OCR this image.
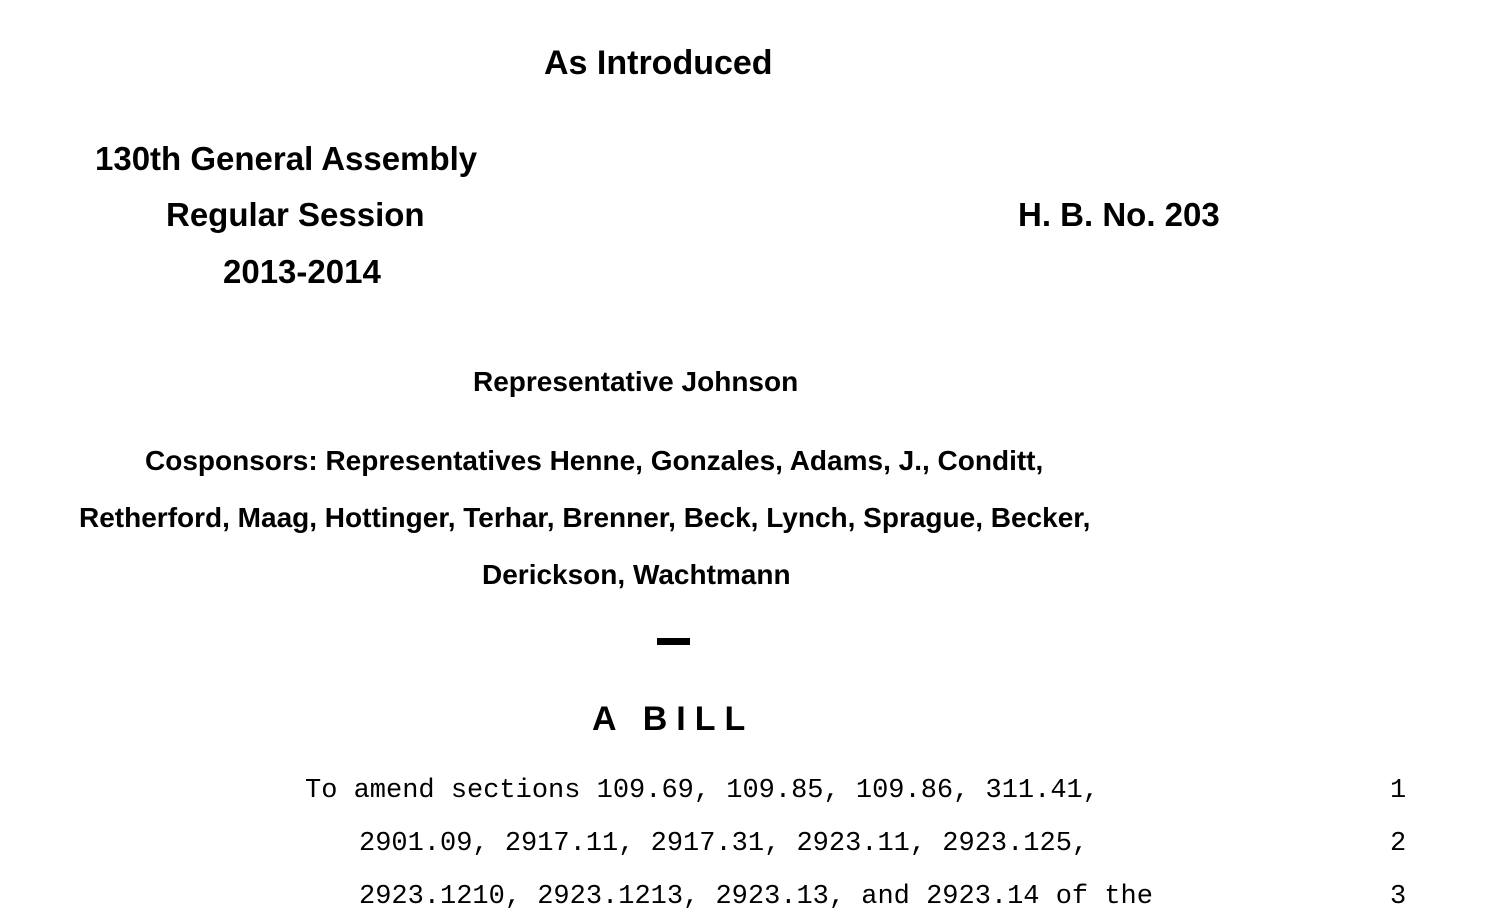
As Introduced
130th General Assembly
Regular Session
2013-2014
H. B. No. 203
Representative Johnson
Cosponsors: Representatives Henne, Gonzales, Adams, J., Conditt,
Retherford, Maag, Hottinger, Terhar, Brenner, Beck, Lynch, Sprague, Becker,
Derickson, Wachtmann
A BILL
To amend sections 109.69, 109.85, 109.86, 311.41,	1
2901.09, 2917.11, 2917.31, 2923.11, 2923.125,	2
2923.1210, 2923.1213, 2923.13, and 2923.14 of the	3
